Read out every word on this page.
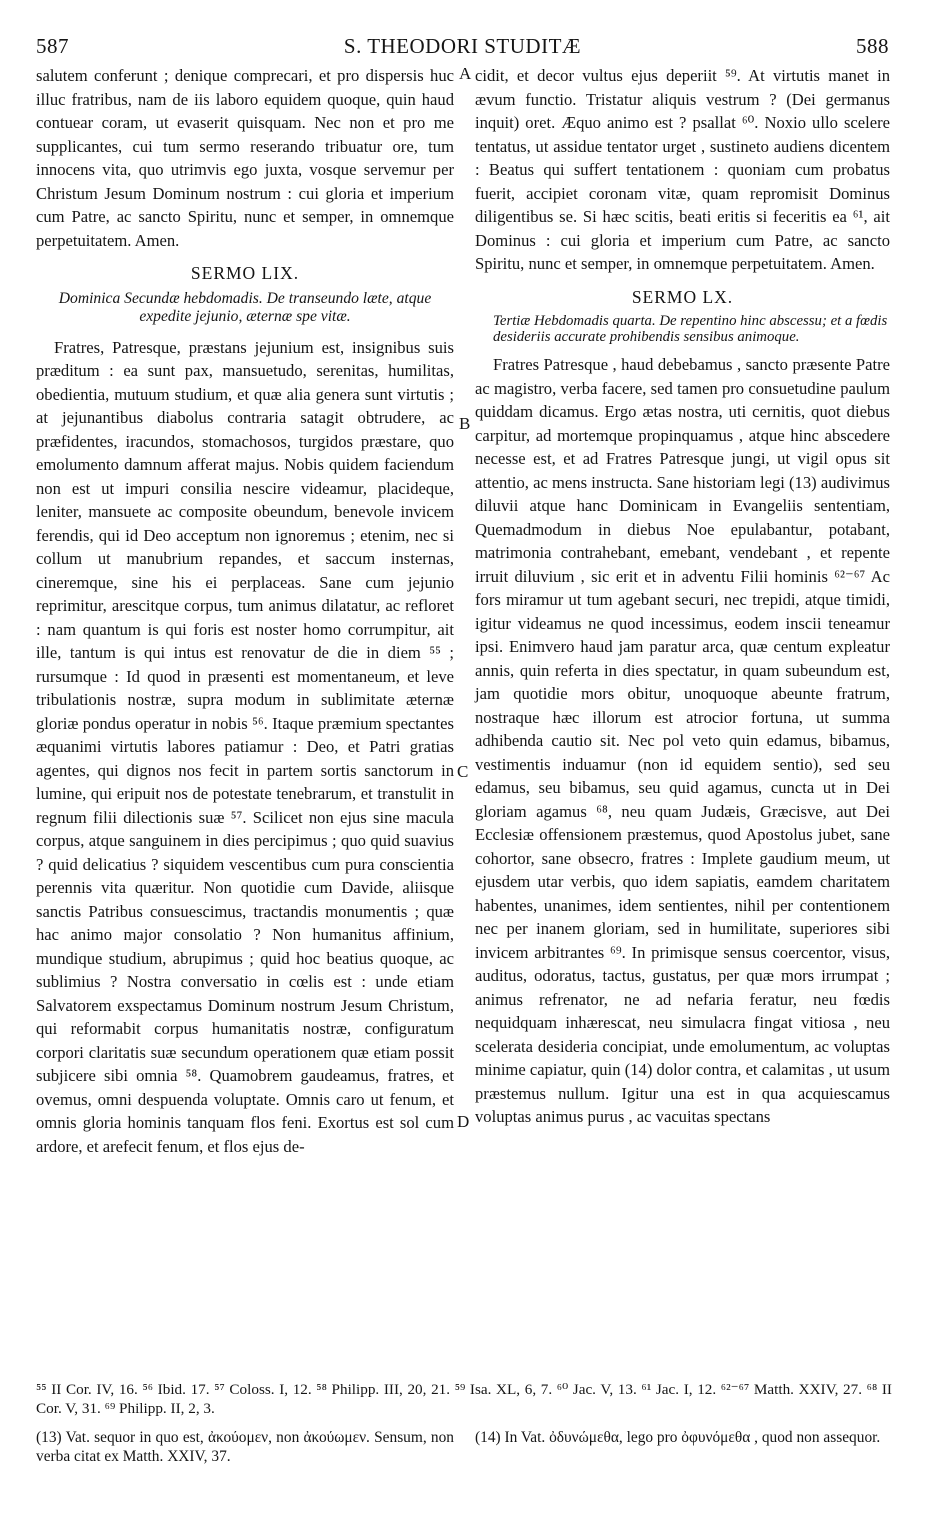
587	S. THEODORI STUDITÆ	588

salutem conferunt ; denique comprecari, et pro dispersis huc illuc fratribus, nam de iis laboro equidem quoque, quin haud contuear coram, ut evaserit quisquam. Nec non et pro me supplicantes, cui tum sermo reserando tribuatur ore, tum innocens vita, quo utrimvis ego juxta, vosque servemur per Christum Jesum Dominum nostrum : cui gloria et imperium cum Patre, ac sancto Spiritu, nunc et semper, in omnemque perpetuitatem. Amen.

SERMO LIX.
Dominica Secundæ hebdomadis. De transeundo læte, atque expedite jejunio, æternæ spe vitæ.

Fratres, Patresque, præstans jejunium est, insignibus suis præditum : ea sunt pax, mansuetudo, serenitas, humilitas, obedientia, mutuum studium, et quæ alia genera sunt virtutis ; at jejunantibus diabolus contraria satagit obtrudere, ac præfidentes, iracundos, stomachosos, turgidos præstare, quo emolumento damnum afferat majus. Nobis quidem faciendum non est ut impuri consilia nescire videamur, placideque, leniter, mansuete ac composite obeundum, benevole invicem ferendis, qui id Deo acceptum non ignoremus ; etenim, nec si collum ut manubrium repandes, et saccum insternas, cineremque, sine his ei perplaceas. Sane cum jejunio reprimitur, arescitque corpus, tum animus dilatatur, ac refloret : nam quantum is qui foris est noster homo corrumpitur, ait ille, tantum is qui intus est renovatur de die in diem ⁵⁵ ; rursumque : Id quod in præsenti est momentaneum, et leve tribulationis nostræ, supra modum in sublimitate æternæ gloriæ pondus operatur in nobis ⁵⁶. Itaque præmium spectantes æquanimi virtutis labores patiamur : Deo, et Patri gratias agentes, qui dignos nos fecit in partem sortis sanctorum in lumine, qui eripuit nos de potestate tenebrarum, et transtulit in regnum filii dilectionis suæ ⁵⁷. Scilicet non ejus sine macula corpus, atque sanguinem in dies percipimus ; quo quid suavius ? quid delicatius ? siquidem vescentibus cum pura conscientia perennis vita quæritur. Non quotidie cum Davide, aliisque sanctis Patribus consuescimus, tractandis monumentis ; quæ hac animo major consolatio ? Non humanitus affinium, mundique studium, abrupimus ; quid hoc beatius quoque, ac sublimius ? Nostra conversatio in cœlis est : unde etiam Salvatorem exspectamus Dominum nostrum Jesum Christum, qui reformabit corpus humanitatis nostræ, configuratum corpori claritatis suæ secundum operationem quæ etiam possit subjicere sibi omnia ⁵⁸. Quamobrem gaudeamus, fratres, et ovemus, omni despuenda voluptate. Omnis caro ut fenum, et omnis gloria hominis tanquam flos feni. Exortus est sol cum ardore, et arefecit fenum, et flos ejus de-

A
B
C
D

cidit, et decor vultus ejus deperiit ⁵⁹. At virtutis manet in ævum functio. Tristatur aliquis vestrum ? (Dei germanus inquit) oret. Æquo animo est ? psallat ⁶⁰. Noxio ullo scelere tentatus, ut assidue tentator urget , sustineto audiens dicentem : Beatus qui suffert tentationem : quoniam cum probatus fuerit, accipiet coronam vitæ, quam repromisit Dominus diligentibus se. Si hæc scitis, beati eritis si feceritis ea ⁶¹, ait Dominus : cui gloria et imperium cum Patre, ac sancto Spiritu, nunc et semper, in omnemque perpetuitatem. Amen.

SERMO LX.
Tertiæ Hebdomadis quarta. De repentino hinc abscessu; et a fœdis desideriis accurate prohibendis sensibus animoque.

Fratres Patresque , haud debebamus , sancto præsente Patre ac magistro, verba facere, sed tamen pro consuetudine paulum quiddam dicamus. Ergo ætas nostra, uti cernitis, quot diebus carpitur, ad mortemque propinquamus , atque hinc abscedere necesse est, et ad Fratres Patresque jungi, ut vigil opus sit attentio, ac mens instructa. Sane historiam legi (13) audivimus diluvii atque hanc Dominicam in Evangeliis sententiam, Quemadmodum in diebus Noe epulabantur, potabant, matrimonia contrahebant, emebant, vendebant , et repente irruit diluvium , sic erit et in adventu Filii hominis ⁶²⁻⁶⁷ Ac fors miramur ut tum agebant securi, nec trepidi, atque timidi, igitur videamus ne quod incessimus, eodem inscii teneamur ipsi. Enimvero haud jam paratur arca, quæ centum expleatur annis, quin referta in dies spectatur, in quam subeundum est, jam quotidie mors obitur, unoquoque abeunte fratrum, nostraque hæc illorum est atrocior fortuna, ut summa adhibenda cautio sit. Nec pol veto quin edamus, bibamus, vestimentis induamur (non id equidem sentio), sed seu edamus, seu bibamus, seu quid agamus, cuncta ut in Dei gloriam agamus ⁶⁸, neu quam Judæis, Græcisve, aut Dei Ecclesiæ offensionem præstemus, quod Apostolus jubet, sane cohortor, sane obsecro, fratres : Implete gaudium meum, ut ejusdem utar verbis, quo idem sapiatis, eamdem charitatem habentes, unanimes, idem sentientes, nihil per contentionem nec per inanem gloriam, sed in humilitate, superiores sibi invicem arbitrantes ⁶⁹. In primisque sensus coercentor, visus, auditus, odoratus, tactus, gustatus, per quæ mors irrumpat ; animus refrenator, ne ad nefaria feratur, neu fœdis nequidquam inhærescat, neu simulacra fingat vitiosa , neu scelerata desideria concipiat, unde emolumentum, ac voluptas minime capiatur, quin (14) dolor contra, et calamitas , ut usum præstemus nullum. Igitur una est in qua acquiescamus voluptas animus purus , ac vacuitas spectans

⁵⁵ II Cor. IV, 16. ⁵⁶ Ibid. 17. ⁵⁷ Coloss. I, 12. ⁵⁸ Philipp. III, 20, 21. ⁵⁹ Isa. XL, 6, 7. ⁶⁰ Jac. V, 13. ⁶¹ Jac. I, 12. ⁶²⁻⁶⁷ Matth. XXIV, 27. ⁶⁸ II Cor. V, 31. ⁶⁹ Philipp. II, 2, 3.
(13) Vat. sequor in quo est, ἀκούομεν, non ἀκούωμεν. Sensum, non verba citat ex Matth. XXIV, 37.
(14) In Vat. ὀδυνώμεθα, lego pro ὀφυνόμεθα , quod non assequor.
